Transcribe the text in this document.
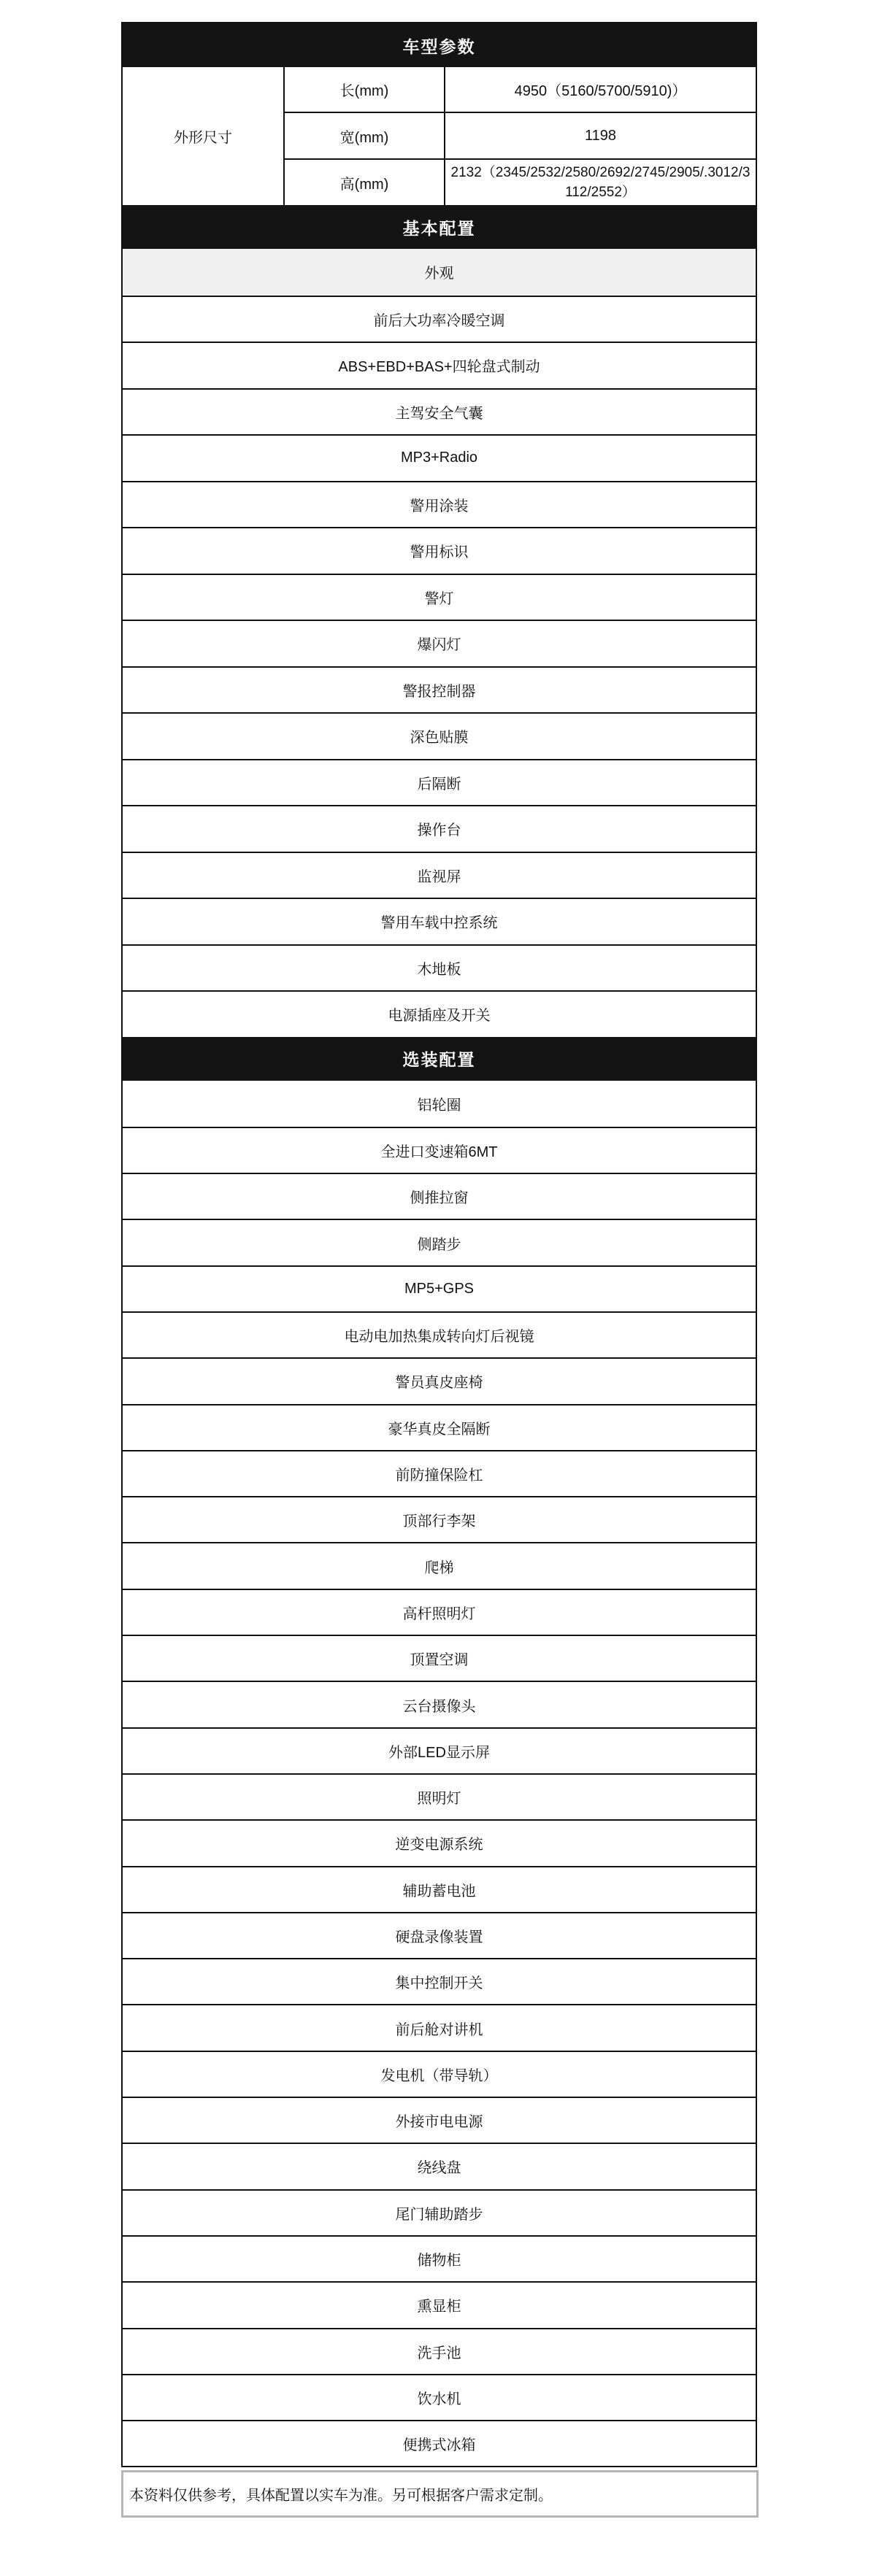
车型参数
外形尺寸
长(mm)	4950（5160/5700/5910)）
宽(mm)	1198
高(mm)
2132（2345/2532/2580/2692/2745/2905/.3012/3112/2552）
基本配置
外观
前后大功率冷暖空调
ABS+EBD+BAS+四轮盘式制动
主驾安全气囊
MP3+Radio
警用涂装
警用标识
警灯
爆闪灯
警报控制器
深色贴膜
后隔断
操作台
监视屏
警用车载中控系统
木地板
电源插座及开关
选装配置
铝轮圈
全进口变速箱6MT
侧推拉窗
侧踏步
MP5+GPS
电动电加热集成转向灯后视镜
警员真皮座椅
豪华真皮全隔断
前防撞保险杠
顶部行李架
爬梯
高杆照明灯
顶置空调
云台摄像头
外部LED显示屏
照明灯
逆变电源系统
辅助蓄电池
硬盘录像装置
集中控制开关
前后舱对讲机
发电机（带导轨）
外接市电电源
绕线盘
尾门辅助踏步
储物柜
熏显柜
洗手池
饮水机
便携式冰箱
本资料仅供参考，具体配置以实车为准。另可根据客户需求定制。
